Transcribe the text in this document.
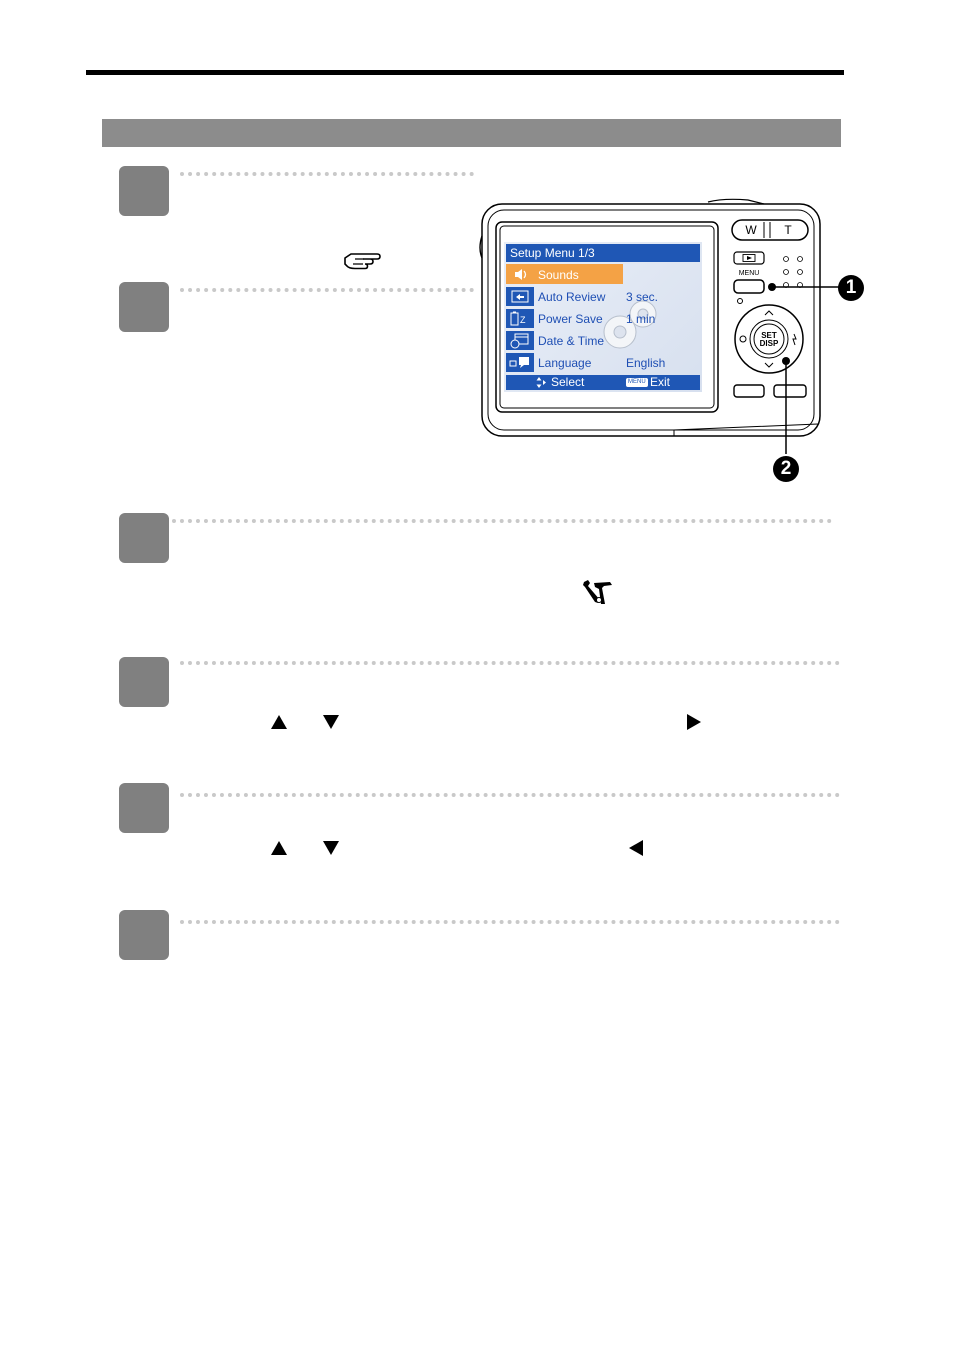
W	T
MENU
SET
DISP
Setup Menu 1/3
Sounds
Auto Review 3 sec.
Z Power Save 1 min
Date & Time
Language	English
Select	MENU Exit
1
2
